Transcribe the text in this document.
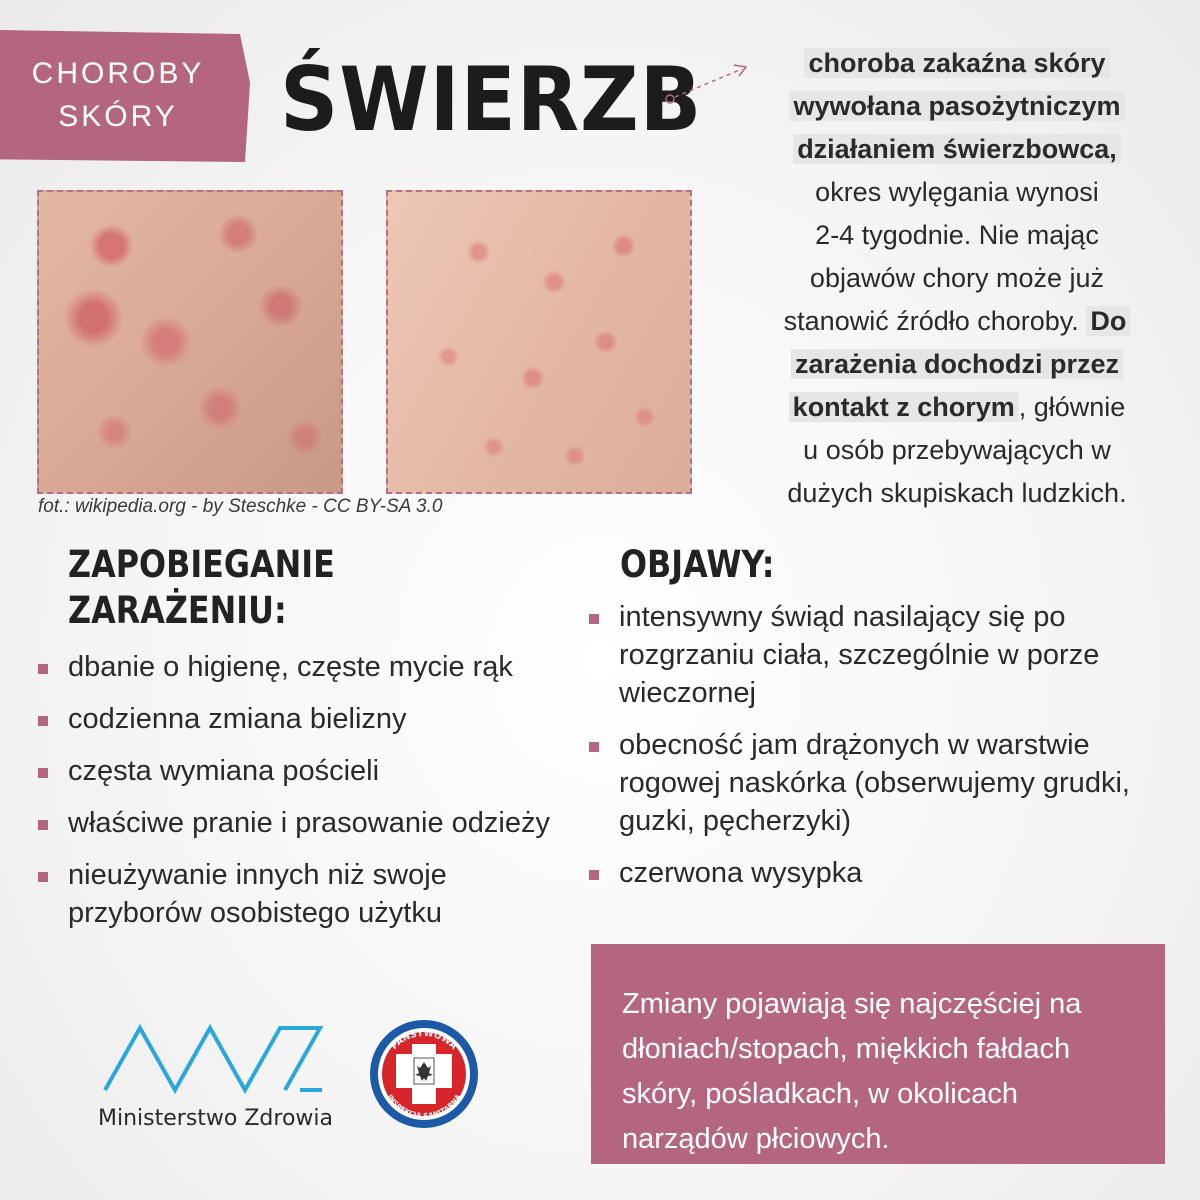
CHOROBY
SKÓRY	ŚWIERZB	choroba zakaźna skóry
wywołana pasożytniczym
działaniem świerzbowca,
okres wylęgania wynosi
2-4 tygodnie. Nie mając
objawów chory może już
stanowić źródło choroby. Do
zarażenia dochodzi przez
kontakt z chorym , głównie
u osób przebywających w
dużych skupiskach ludzkich.
fot.: wikipedia.org - by Steschke - CC BY-SA 3.0
ZAPOBIEGANIE
ZARAŻENIU:
dbanie o higienę, częste mycie rąk
codzienna zmiana bielizny
częsta wymiana pościeli
właściwe pranie i prasowanie odzieży
nieużywanie innych niż swoje przyborów osobistego użytku
OBJAWY:
intensywny świąd nasilający się po rozgrzaniu ciała, szczególnie w porze wieczornej
obecność jam drążonych w warstwie rogowej naskórka (obserwujemy grudki, guzki, pęcherzyki)
czerwona wysypka
Zmiany pojawiają się najczęściej na dłoniach/stopach, miękkich fałdach skóry, pośladkach, w okolicach narządów płciowych.
Ministerstwo Zdrowia
PAŃSTWOWA
INSPEKCJA SANITARNA
